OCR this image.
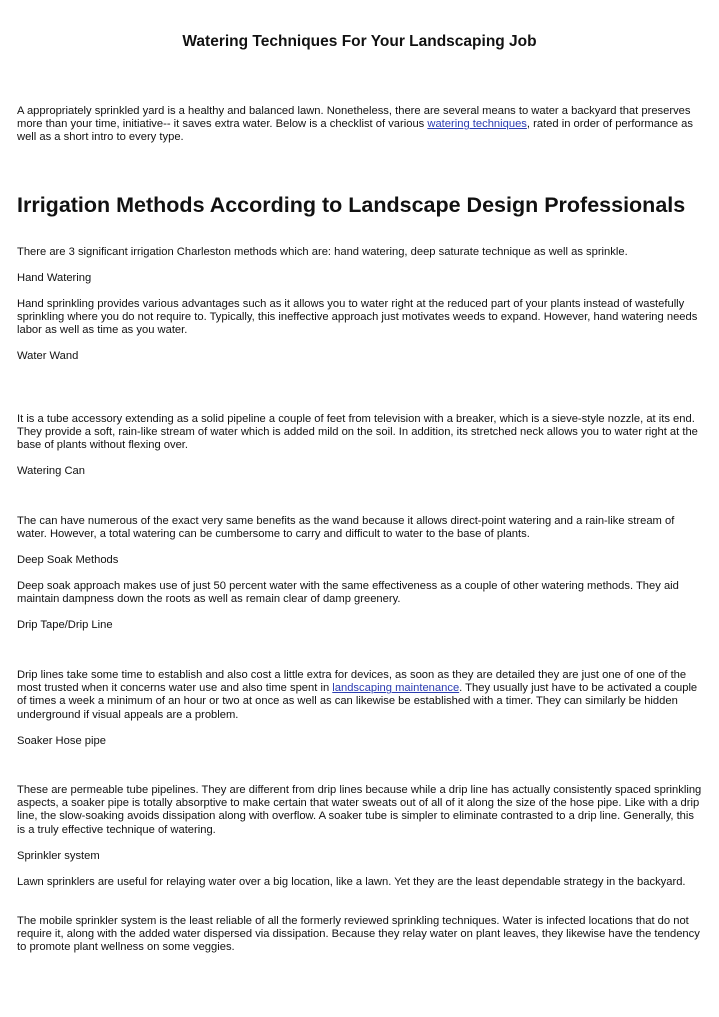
Watering Techniques For Your Landscaping Job

A appropriately sprinkled yard is a healthy and balanced lawn. Nonetheless, there are several means to water a backyard that preserves more than your time, initiative-- it saves extra water. Below is a checklist of various watering techniques, rated in order of performance as well as a short intro to every type.

Irrigation Methods According to Landscape Design Professionals

There are 3 significant irrigation Charleston methods which are: hand watering, deep saturate technique as well as sprinkle.

Hand Watering

Hand sprinkling provides various advantages such as it allows you to water right at the reduced part of your plants instead of wastefully sprinkling where you do not require to. Typically, this ineffective approach just motivates weeds to expand. However, hand watering needs labor as well as time as you water.

Water Wand

It is a tube accessory extending as a solid pipeline a couple of feet from television with a breaker, which is a sieve-style nozzle, at its end. They provide a soft, rain-like stream of water which is added mild on the soil. In addition, its stretched neck allows you to water right at the base of plants without flexing over.

Watering Can

The can have numerous of the exact very same benefits as the wand because it allows direct-point watering and a rain-like stream of water. However, a total watering can be cumbersome to carry and difficult to water to the base of plants.

Deep Soak Methods

Deep soak approach makes use of just 50 percent water with the same effectiveness as a couple of other watering methods. They aid maintain dampness down the roots as well as remain clear of damp greenery.

Drip Tape/Drip Line

Drip lines take some time to establish and also cost a little extra for devices, as soon as they are detailed they are just one of one of the most trusted when it concerns water use and also time spent in landscaping maintenance. They usually just have to be activated a couple of times a week a minimum of an hour or two at once as well as can likewise be established with a timer. They can similarly be hidden underground if visual appeals are a problem.

Soaker Hose pipe

These are permeable tube pipelines. They are different from drip lines because while a drip line has actually consistently spaced sprinkling aspects, a soaker pipe is totally absorptive to make certain that water sweats out of all of it along the size of the hose pipe. Like with a drip line, the slow-soaking avoids dissipation along with overflow. A soaker tube is simpler to eliminate contrasted to a drip line. Generally, this is a truly effective technique of watering.

Sprinkler system

Lawn sprinklers are useful for relaying water over a big location, like a lawn. Yet they are the least dependable strategy in the backyard.

The mobile sprinkler system is the least reliable of all the formerly reviewed sprinkling techniques. Water is infected locations that do not require it, along with the added water dispersed via dissipation. Because they relay water on plant leaves, they likewise have the tendency to promote plant wellness on some veggies.
